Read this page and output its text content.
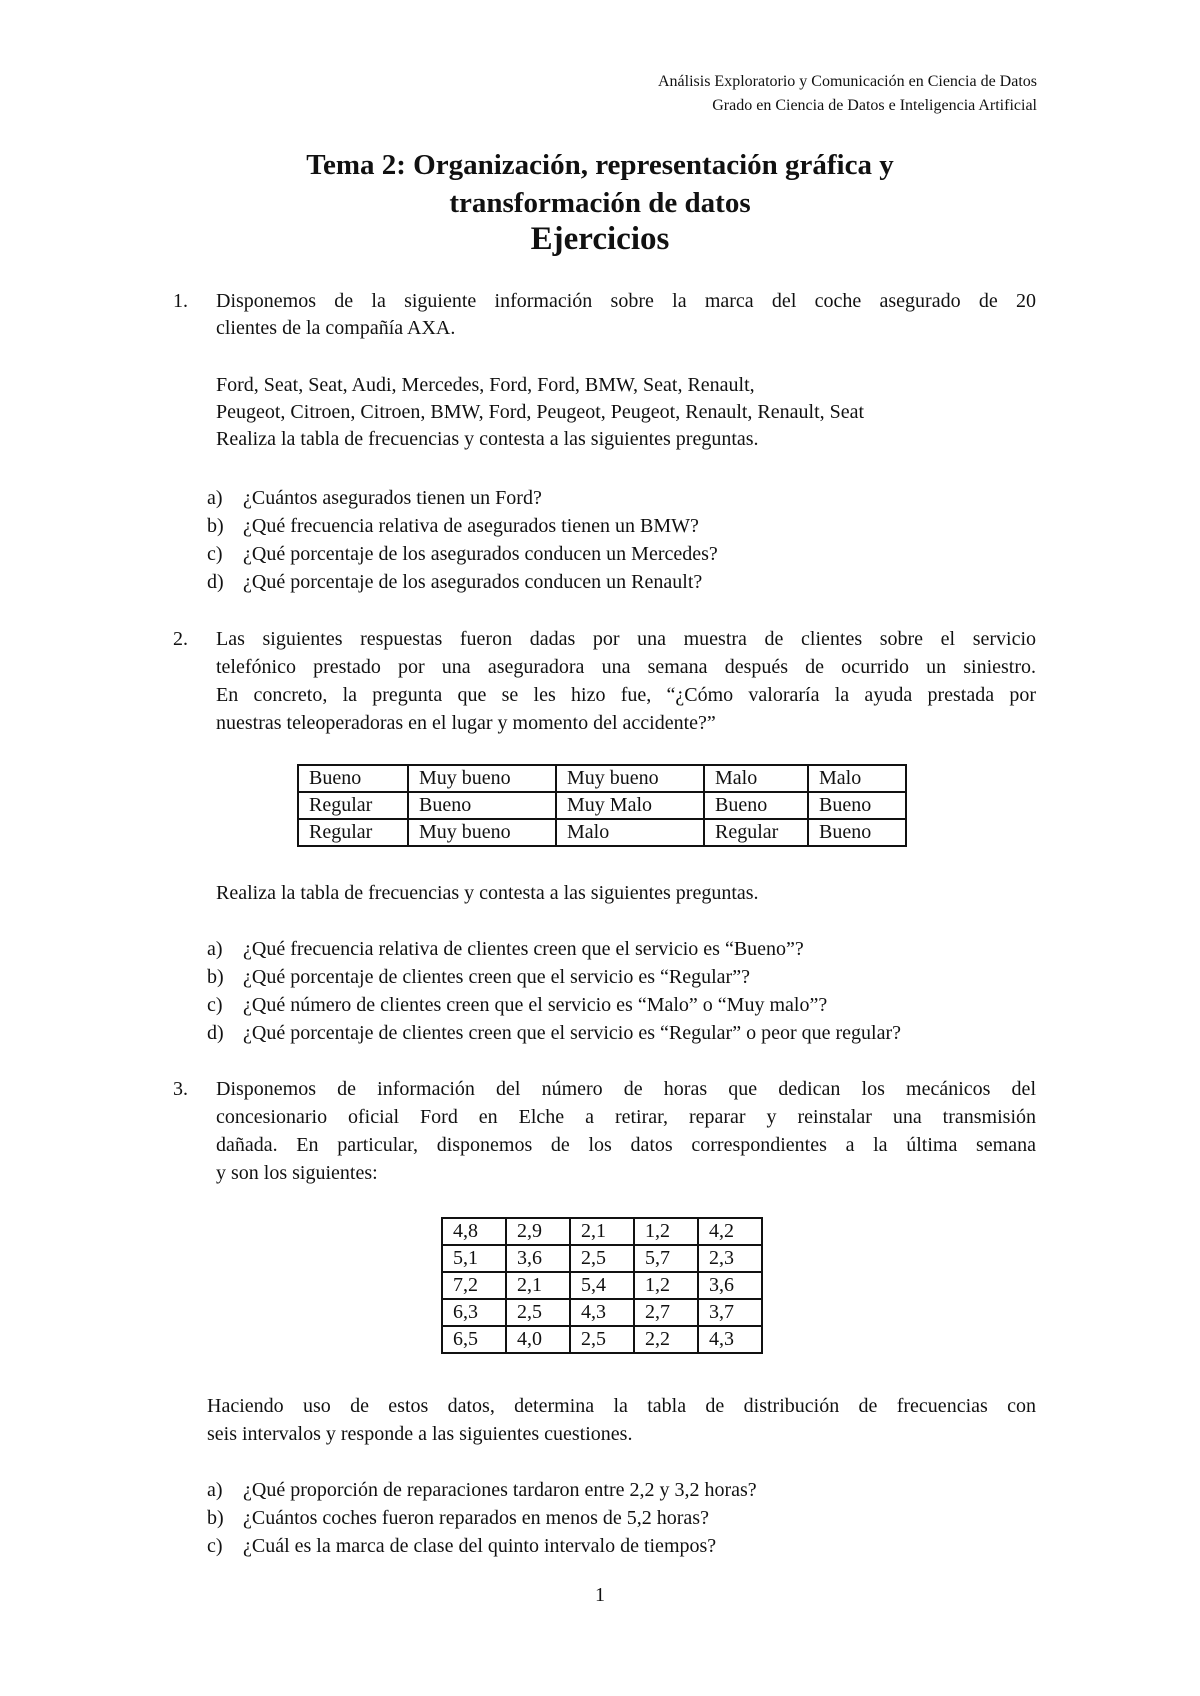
Análisis Exploratorio y Comunicación en Ciencia de Datos
Grado en Ciencia de Datos e Inteligencia Artificial
Tema 2: Organización, representación gráfica y
transformación de datos
Ejercicios
1. Disponemos de la siguiente información sobre la marca del coche asegurado de 20
clientes de la compañía AXA.
Ford, Seat, Seat, Audi, Mercedes, Ford, Ford, BMW, Seat, Renault,
Peugeot, Citroen, Citroen, BMW, Ford, Peugeot, Peugeot, Renault, Renault, Seat
Realiza la tabla de frecuencias y contesta a las siguientes preguntas.
a) ¿Cuántos asegurados tienen un Ford?
b) ¿Qué frecuencia relativa de asegurados tienen un BMW?
c) ¿Qué porcentaje de los asegurados conducen un Mercedes?
d) ¿Qué porcentaje de los asegurados conducen un Renault?
2. Las siguientes respuestas fueron dadas por una muestra de clientes sobre el servicio
telefónico prestado por una aseguradora una semana después de ocurrido un siniestro.
En concreto, la pregunta que se les hizo fue, “¿Cómo valoraría la ayuda prestada por
nuestras teleoperadoras en el lugar y momento del accidente?”
Bueno	Muy bueno	Muy bueno	Malo	Malo
Regular	Bueno	Muy Malo	Bueno	Bueno
Regular	Muy bueno	Malo	Regular	Bueno
Realiza la tabla de frecuencias y contesta a las siguientes preguntas.
a) ¿Qué frecuencia relativa de clientes creen que el servicio es “Bueno”?
b) ¿Qué porcentaje de clientes creen que el servicio es “Regular”?
c) ¿Qué número de clientes creen que el servicio es “Malo” o “Muy malo”?
d) ¿Qué porcentaje de clientes creen que el servicio es “Regular” o peor que regular?
3. Disponemos de información del número de horas que dedican los mecánicos del
concesionario oficial Ford en Elche a retirar, reparar y reinstalar una transmisión
dañada. En particular, disponemos de los datos correspondientes a la última semana
y son los siguientes:
4,8	2,9	2,1	1,2	4,2
5,1	3,6	2,5	5,7	2,3
7,2	2,1	5,4	1,2	3,6
6,3	2,5	4,3	2,7	3,7
6,5	4,0	2,5	2,2	4,3
Haciendo uso de estos datos, determina la tabla de distribución de frecuencias con
seis intervalos y responde a las siguientes cuestiones.
a) ¿Qué proporción de reparaciones tardaron entre 2,2 y 3,2 horas?
b) ¿Cuántos coches fueron reparados en menos de 5,2 horas?
c) ¿Cuál es la marca de clase del quinto intervalo de tiempos?
1
